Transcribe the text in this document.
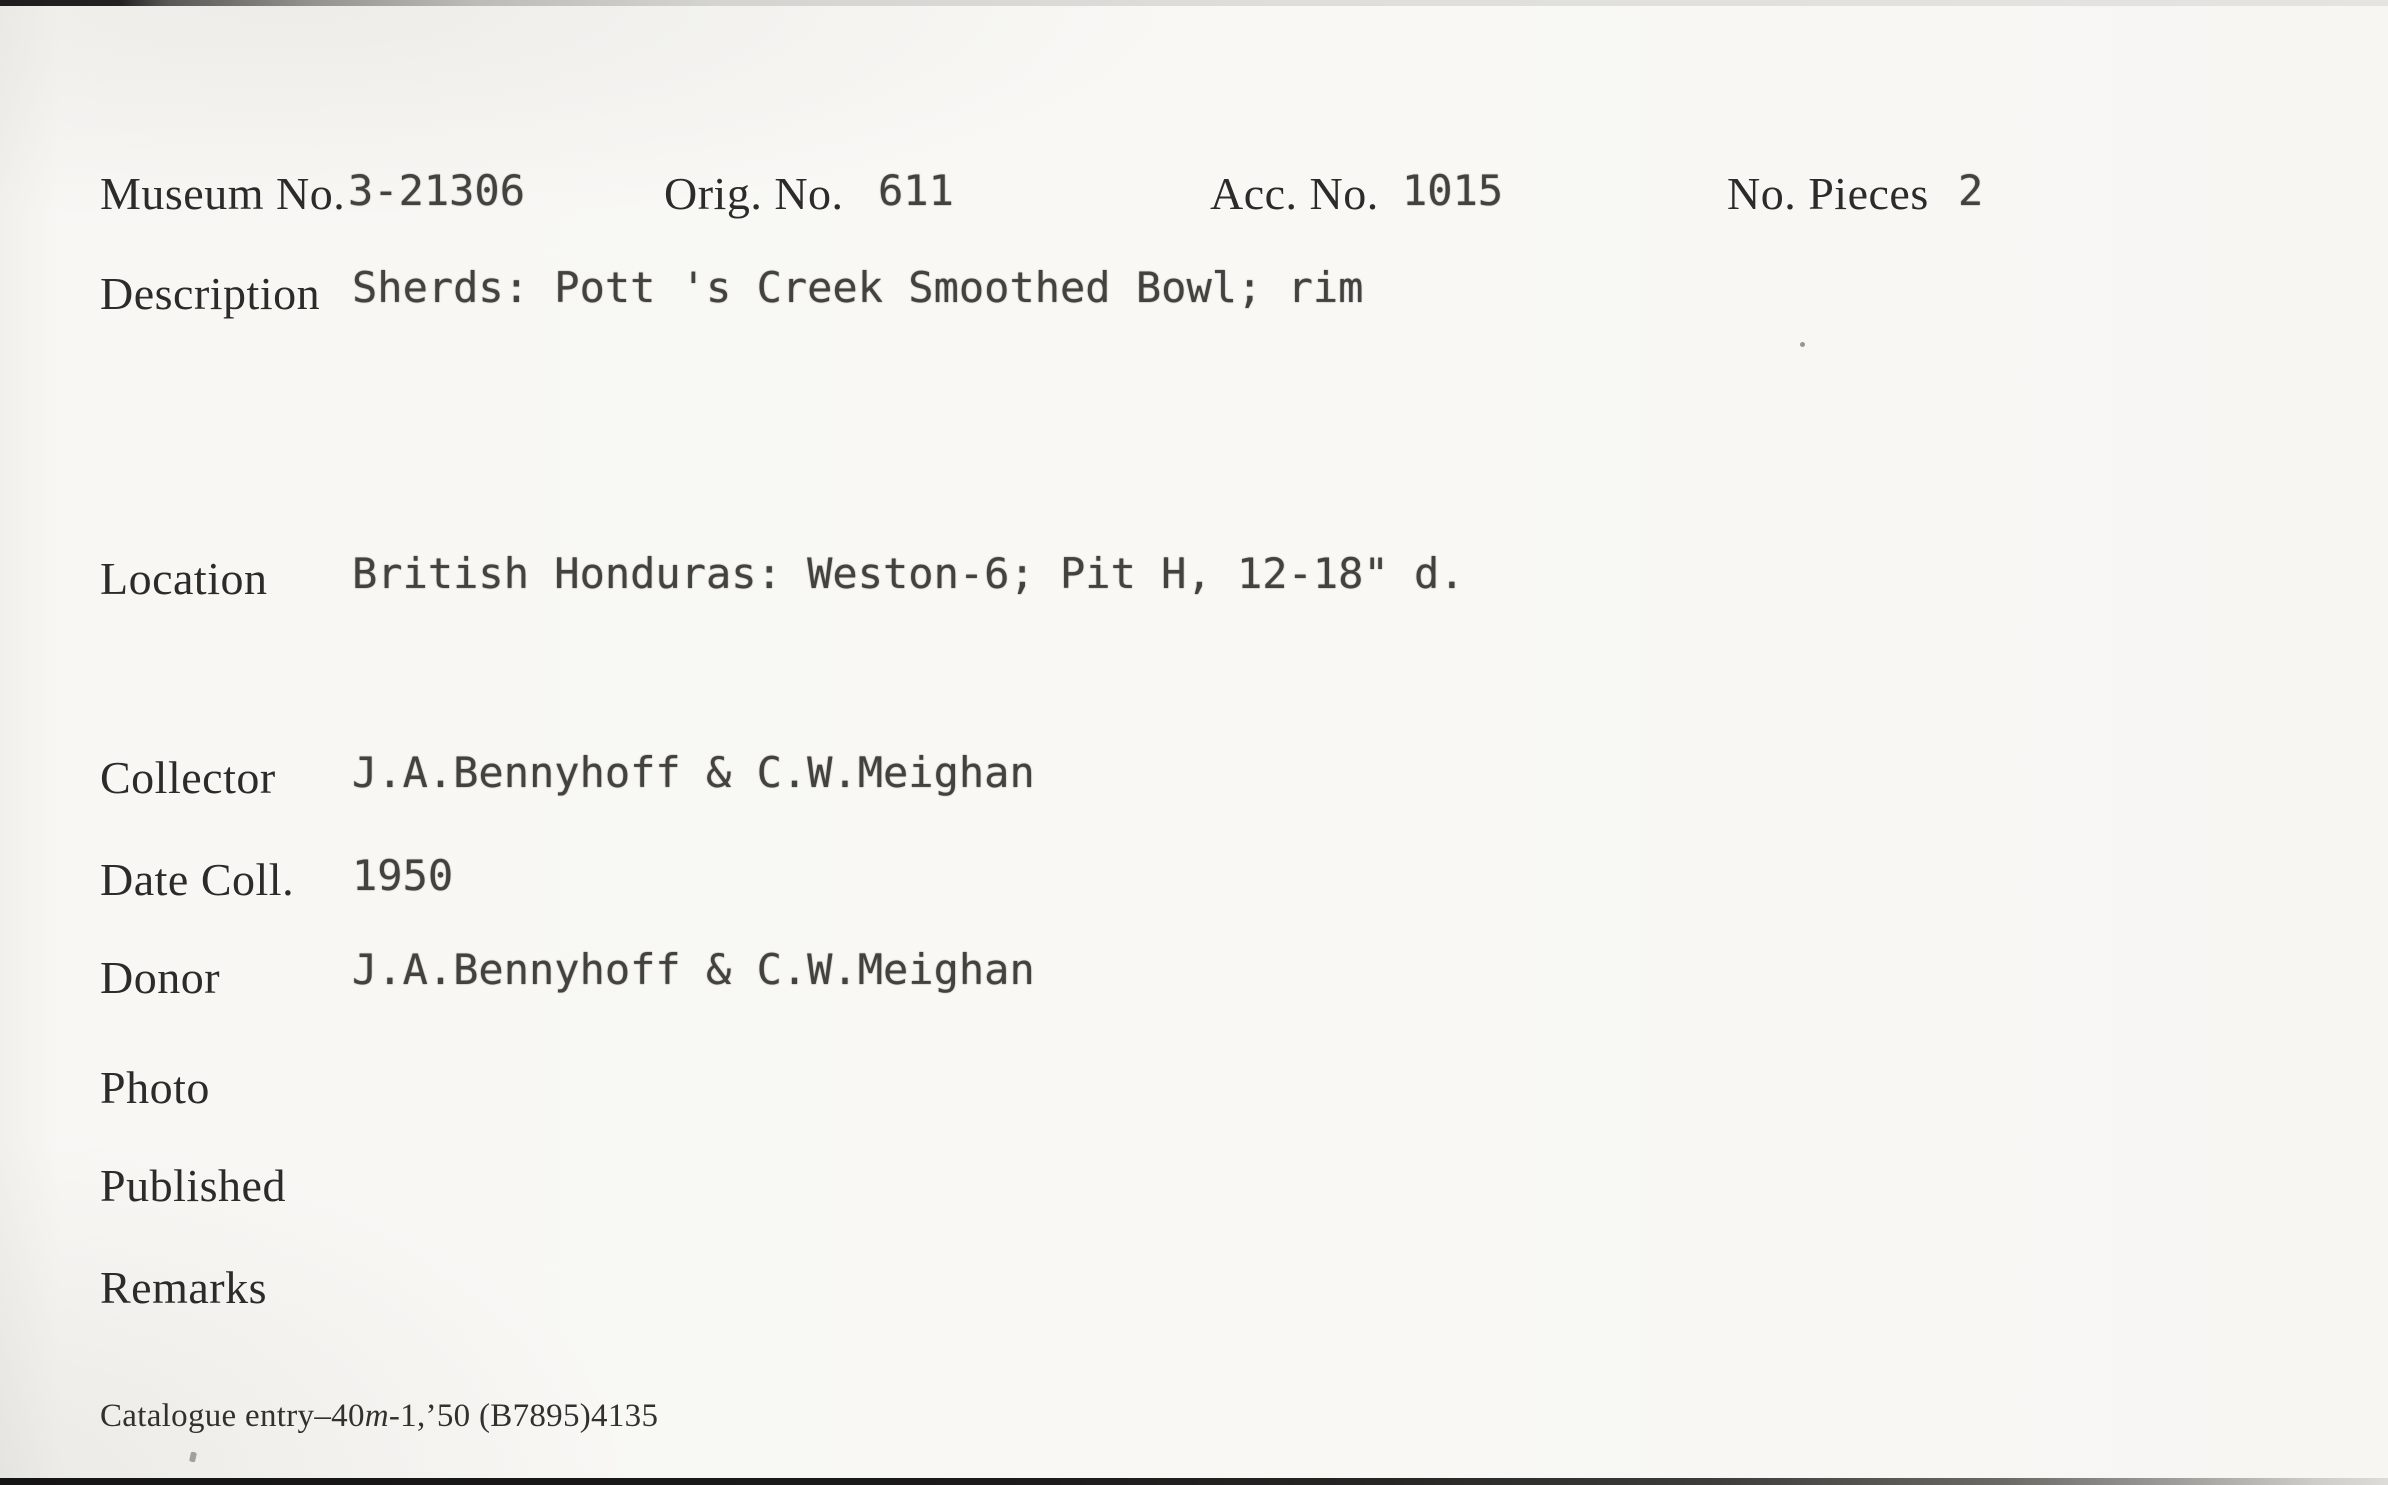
Museum No. 3-21306	Orig. No. 611	Acc. No. 1015	No. Pieces 2
Description Sherds: Pott 's Creek Smoothed Bowl; rim
Location British Honduras: Weston-6; Pit H, 12-18" d.
Collector J.A.Bennyhoff & C.W.Meighan
Date Coll. 1950
Donor	J.A.Bennyhoff & C.W.Meighan
Photo
Published
Remarks
Catalogue entry–40m-1,’50 (B7895)4135
